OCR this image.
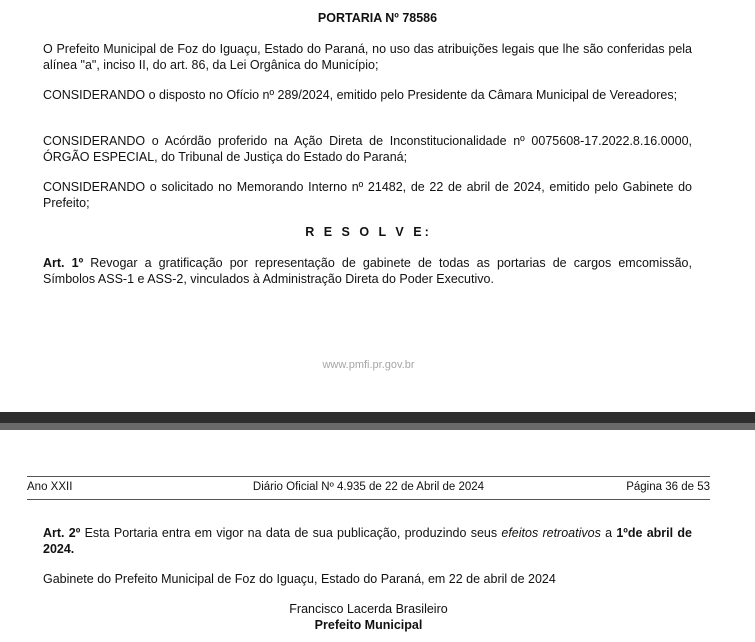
PORTARIA Nº 78586

O Prefeito Municipal de Foz do Iguaçu, Estado do Paraná, no uso das atribuições legais que lhe são conferidas pela alínea "a", inciso II, do art. 86, da Lei Orgânica do Município;

CONSIDERANDO o disposto no Ofício nº 289/2024, emitido pelo Presidente da Câmara Municipal de Vereadores;

CONSIDERANDO o Acórdão proferido na Ação Direta de Inconstitucionalidade nº 0075608-17.2022.8.16.0000, ÓRGÃO ESPECIAL, do Tribunal de Justiça do Estado do Paraná;

CONSIDERANDO o solicitado no Memorando Interno nº 21482, de 22 de abril de 2024, emitido pelo Gabinete do Prefeito;

R E S O L V E:

Art. 1º Revogar a gratificação por representação de gabinete de todas as portarias de cargos emcomissão, Símbolos ASS-1 e ASS-2, vinculados à Administração Direta do Poder Executivo.

www.pmfi.pr.gov.br
Ano XXII	Diário Oficial Nº 4.935 de 22 de Abril de 2024	Página 36 de 53

Art. 2º Esta Portaria entra em vigor na data de sua publicação, produzindo seus efeitos retroativos a 1ºde abril de 2024.

Gabinete do Prefeito Municipal de Foz do Iguaçu, Estado do Paraná, em 22 de abril de 2024

Francisco Lacerda Brasileiro
Prefeito Municipal
